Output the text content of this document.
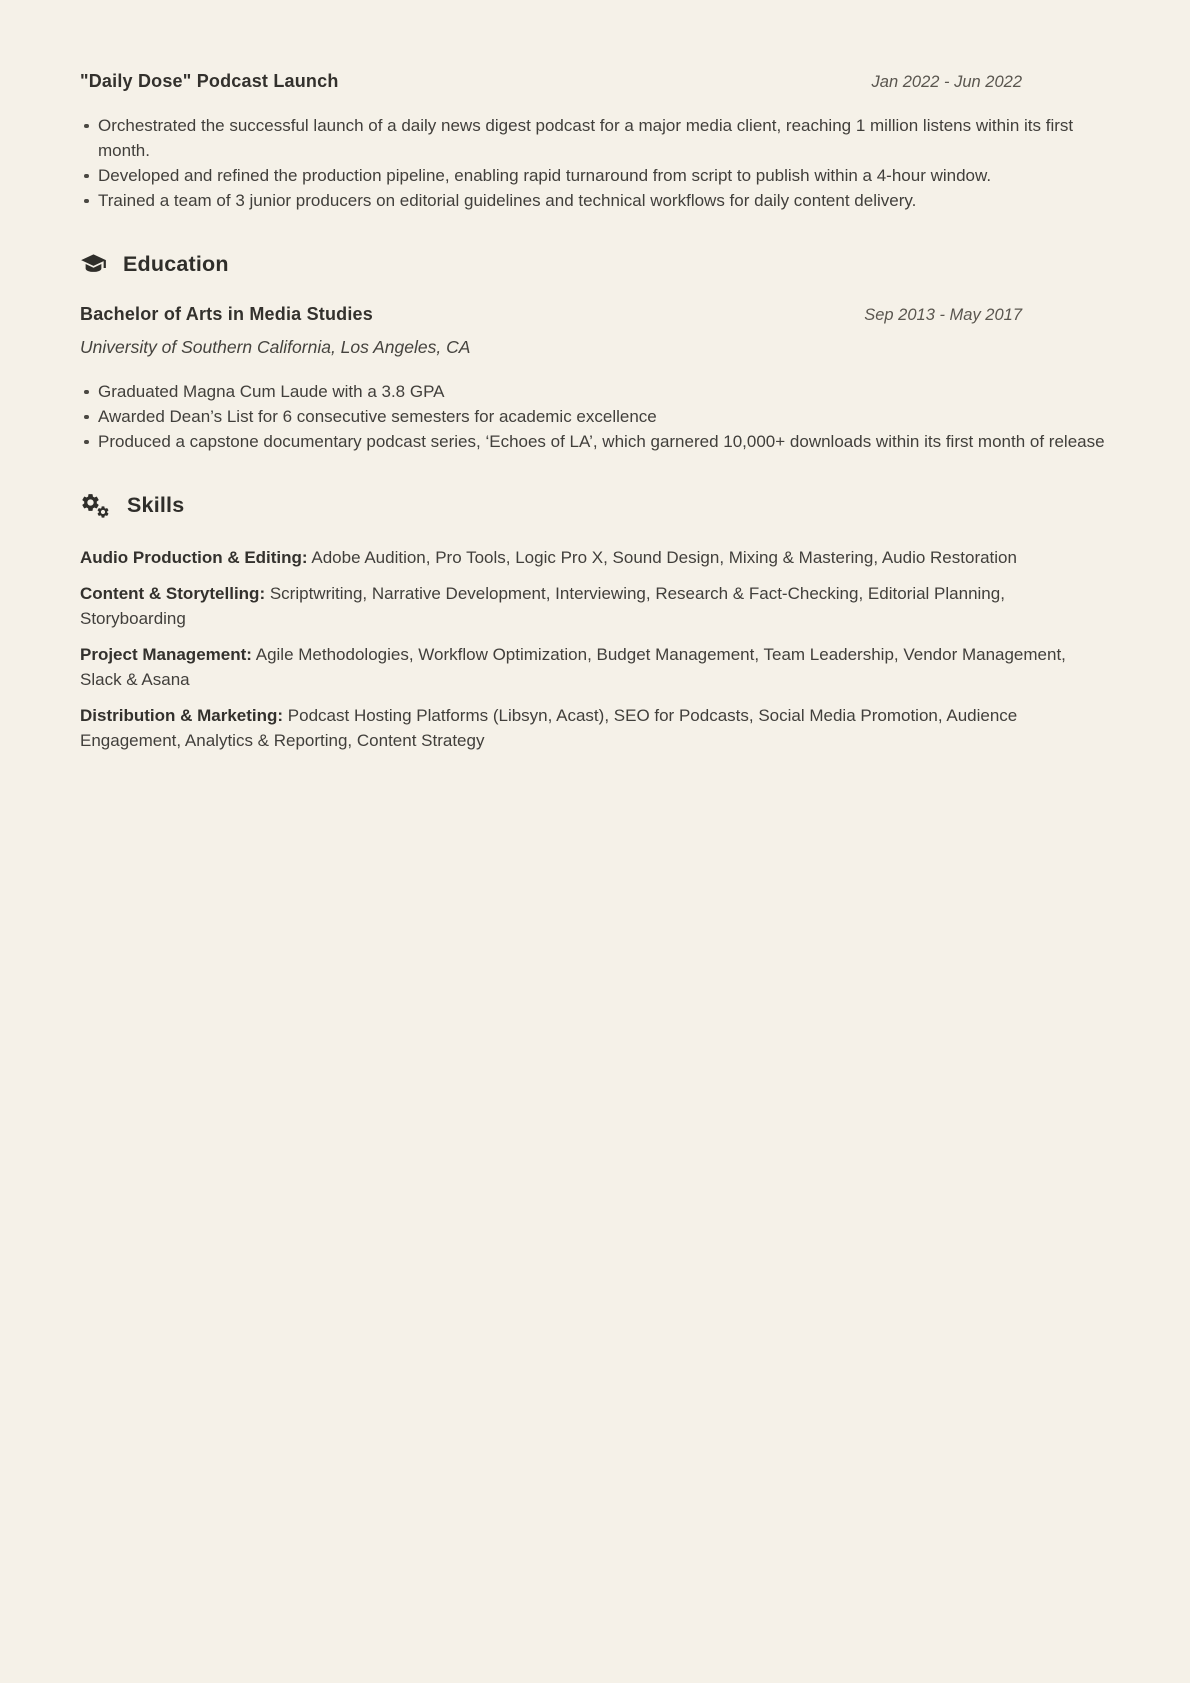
"Daily Dose" Podcast Launch	Jan 2022 - Jun 2022
Orchestrated the successful launch of a daily news digest podcast for a major media client, reaching 1 million listens within its first month.
Developed and refined the production pipeline, enabling rapid turnaround from script to publish within a 4-hour window.
Trained a team of 3 junior producers on editorial guidelines and technical workflows for daily content delivery.
Education
Bachelor of Arts in Media Studies	Sep 2013 - May 2017
University of Southern California, Los Angeles, CA
Graduated Magna Cum Laude with a 3.8 GPA
Awarded Dean’s List for 6 consecutive semesters for academic excellence
Produced a capstone documentary podcast series, ‘Echoes of LA’, which garnered 10,000+ downloads within its first month of release
Skills

Audio Production & Editing: Adobe Audition, Pro Tools, Logic Pro X, Sound Design, Mixing & Mastering, Audio Restoration

Content & Storytelling: Scriptwriting, Narrative Development, Interviewing, Research & Fact-Checking, Editorial Planning, Storyboarding

Project Management: Agile Methodologies, Workflow Optimization, Budget Management, Team Leadership, Vendor Management, Slack & Asana

Distribution & Marketing: Podcast Hosting Platforms (Libsyn, Acast), SEO for Podcasts, Social Media Promotion, Audience Engagement, Analytics & Reporting, Content Strategy
